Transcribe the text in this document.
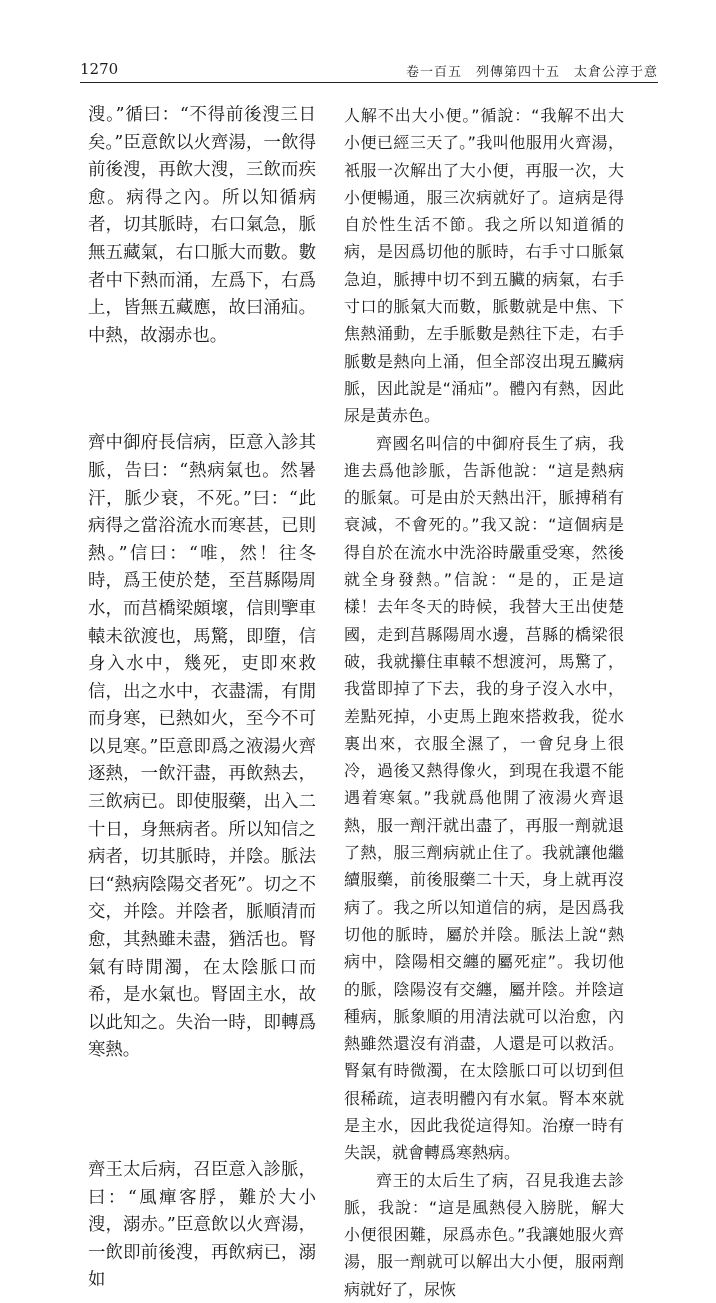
1270	卷一百五　列傳第四十五　太倉公淳于意

溲。”循曰：“不得前後溲三日矣。”臣意飲以火齊湯，一飲得前後溲，再飲大溲，三飲而疾愈。病得之內。所以知循病者，切其脈時，右口氣急，脈無五藏氣，右口脈大而數。數者中下熱而涌，左爲下，右爲上，皆無五藏應，故曰涌疝。中熱，故溺赤也。

齊中御府長信病，臣意入診其脈，告曰：“熱病氣也。然暑汗，脈少衰，不死。”曰：“此病得之當浴流水而寒甚，已則熱。”信曰：“唯，然！往冬時，爲王使於楚，至莒縣陽周水，而莒橋梁頗壞，信則擥車轅未欲渡也，馬驚，即墮，信身入水中，幾死，吏即來救信，出之水中，衣盡濡，有閒而身寒，已熱如火，至今不可以見寒。”臣意即爲之液湯火齊逐熱，一飲汗盡，再飲熱去，三飲病已。即使服藥，出入二十日，身無病者。所以知信之病者，切其脈時，并陰。脈法曰“熱病陰陽交者死”。切之不交，并陰。并陰者，脈順清而愈，其熱雖未盡，猶活也。腎氣有時閒濁，在太陰脈口而希，是水氣也。腎固主水，故以此知之。失治一時，即轉爲寒熱。

齊王太后病，召臣意入診脈，曰：“風癉客脬，難於大小溲，溺赤。”臣意飲以火齊湯，一飲即前後溲，再飲病已，溺如

人解不出大小便。”循說：“我解不出大小便已經三天了。”我叫他服用火齊湯，衹服一次解出了大小便，再服一次，大小便暢通，服三次病就好了。這病是得自於性生活不節。我之所以知道循的病，是因爲切他的脈時，右手寸口脈氣急迫，脈搏中切不到五臟的病氣，右手寸口的脈氣大而數，脈數就是中焦、下焦熱涌動，左手脈數是熱往下走，右手脈數是熱向上涌，但全部沒出現五臟病脈，因此說是“涌疝”。體內有熱，因此尿是黃赤色。

齊國名叫信的中御府長生了病，我進去爲他診脈，告訴他說：“這是熱病的脈氣。可是由於天熱出汗，脈搏稍有衰減，不會死的。”我又說：“這個病是得自於在流水中洗浴時嚴重受寒，然後就全身發熱。”信說：“是的，正是這樣！去年冬天的時候，我替大王出使楚國，走到莒縣陽周水邊，莒縣的橋梁很破，我就攥住車轅不想渡河，馬驚了，我當即掉了下去，我的身子沒入水中，差點死掉，小吏馬上跑來搭救我，從水裏出來，衣服全濕了，一會兒身上很冷，過後又熱得像火，到現在我還不能遇着寒氣。”我就爲他開了液湯火齊退熱，服一劑汗就出盡了，再服一劑就退了熱，服三劑病就止住了。我就讓他繼續服藥，前後服藥二十天，身上就再沒病了。我之所以知道信的病，是因爲我切他的脈時，屬於并陰。脈法上說“熱病中，陰陽相交纏的屬死症”。我切他的脈，陰陽沒有交纏，屬并陰。并陰這種病，脈象順的用清法就可以治愈，內熱雖然還沒有消盡，人還是可以救活。腎氣有時微濁，在太陰脈口可以切到但很稀疏，這表明體內有水氣。腎本來就是主水，因此我從這得知。治療一時有失誤，就會轉爲寒熱病。

齊王的太后生了病，召見我進去診脈，我說：“這是風熱侵入膀胱，解大小便很困難，尿爲赤色。”我讓她服火齊湯，服一劑就可以解出大小便，服兩劑病就好了，尿恢
